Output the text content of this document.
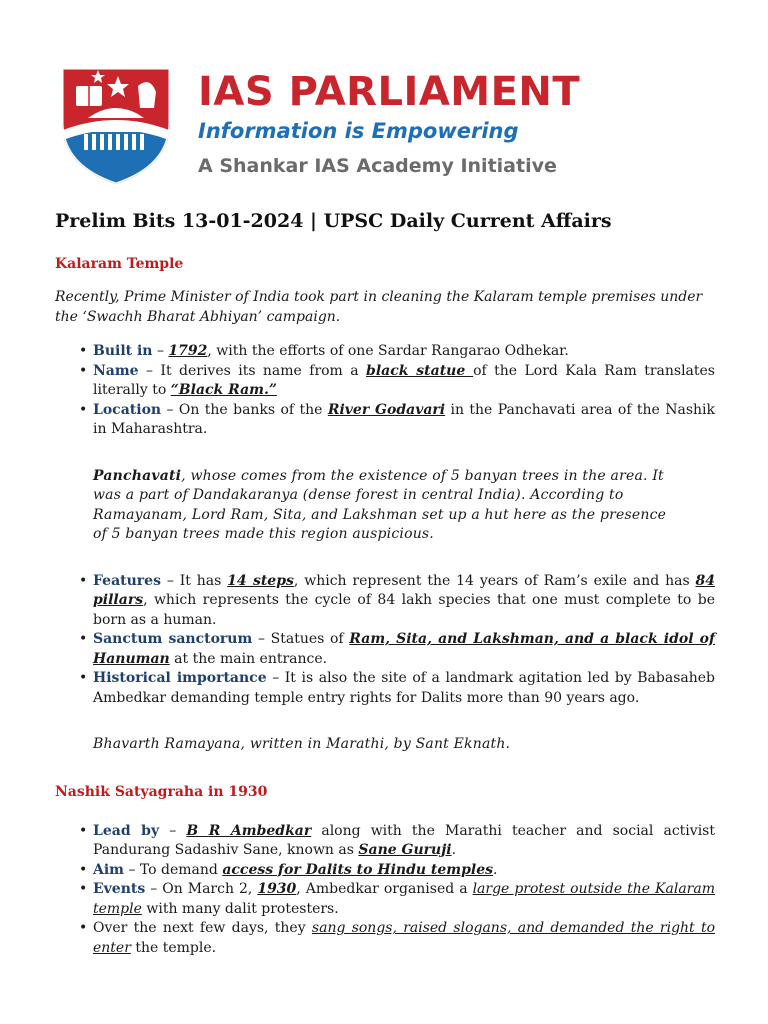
IAS PARLIAMENT
Information is Empowering
A Shankar IAS Academy Initiative
Prelim Bits 13-01-2024 | UPSC Daily Current Affairs
Kalaram Temple

Recently, Prime Minister of India took part in cleaning the Kalaram temple premises under the ‘Swachh Bharat Abhiyan’ campaign.

• Built in – 1792, with the efforts of one Sardar Rangarao Odhekar.
• Name – It derives its name from a black statue of the Lord Kala Ram translates literally to “Black Ram.”
• Location – On the banks of the River Godavari in the Panchavati area of the Nashik in Maharashtra.

Panchavati, whose comes from the existence of 5 banyan trees in the area. It was a part of Dandakaranya (dense forest in central India). According to Ramayanam, Lord Ram, Sita, and Lakshman set up a hut here as the presence of 5 banyan trees made this region auspicious.

• Features – It has 14 steps, which represent the 14 years of Ram’s exile and has 84 pillars, which represents the cycle of 84 lakh species that one must complete to be born as a human.
• Sanctum sanctorum – Statues of Ram, Sita, and Lakshman, and a black idol of Hanuman at the main entrance.
• Historical importance – It is also the site of a landmark agitation led by Babasaheb Ambedkar demanding temple entry rights for Dalits more than 90 years ago.

Bhavarth Ramayana, written in Marathi, by Sant Eknath.

Nashik Satyagraha in 1930
• Lead by – B R Ambedkar along with the Marathi teacher and social activist Pandurang Sadashiv Sane, known as Sane Guruji.
• Aim – To demand access for Dalits to Hindu temples.
• Events – On March 2, 1930, Ambedkar organised a large protest outside the Kalaram temple with many dalit protesters.
• Over the next few days, they sang songs, raised slogans, and demanded the right to enter the temple.
